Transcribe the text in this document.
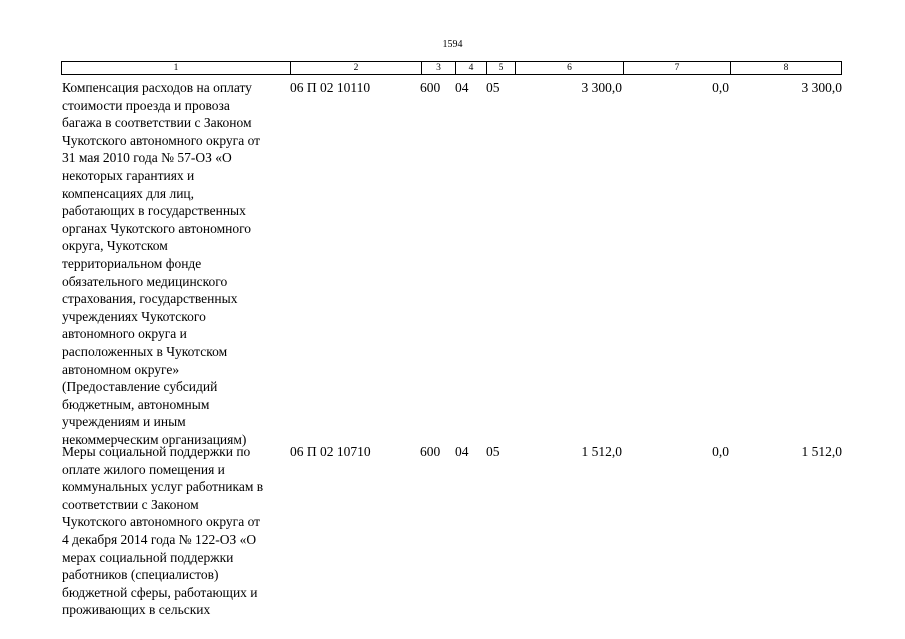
1594
1	2	3	4	5	6	7	8
Компенсация расходов на оплату
стоимости проезда и провоза
багажа в соответствии с Законом
Чукотского автономного округа от
31 мая 2010 года № 57-ОЗ «О
некоторых гарантиях и
компенсациях для лиц,
работающих в государственных
органах Чукотского автономного
округа, Чукотском
территориальном фонде
обязательного медицинского
страхования, государственных
учреждениях Чукотского
автономного округа и
расположенных в Чукотском
автономном округе»
(Предоставление субсидий
бюджетным, автономным
учреждениям и иным
некоммерческим организациям)
06 П 02 10110	600 04 05	3 300,0	0,0	3 300,0
Меры социальной поддержки по
оплате жилого помещения и
коммунальных услуг работникам в
соответствии с Законом
Чукотского автономного округа от
4 декабря 2014 года № 122-ОЗ «О
мерах социальной поддержки
работников (специалистов)
бюджетной сферы, работающих и
проживающих в сельских
06 П 02 10710	600 04 05	1 512,0	0,0	1 512,0
